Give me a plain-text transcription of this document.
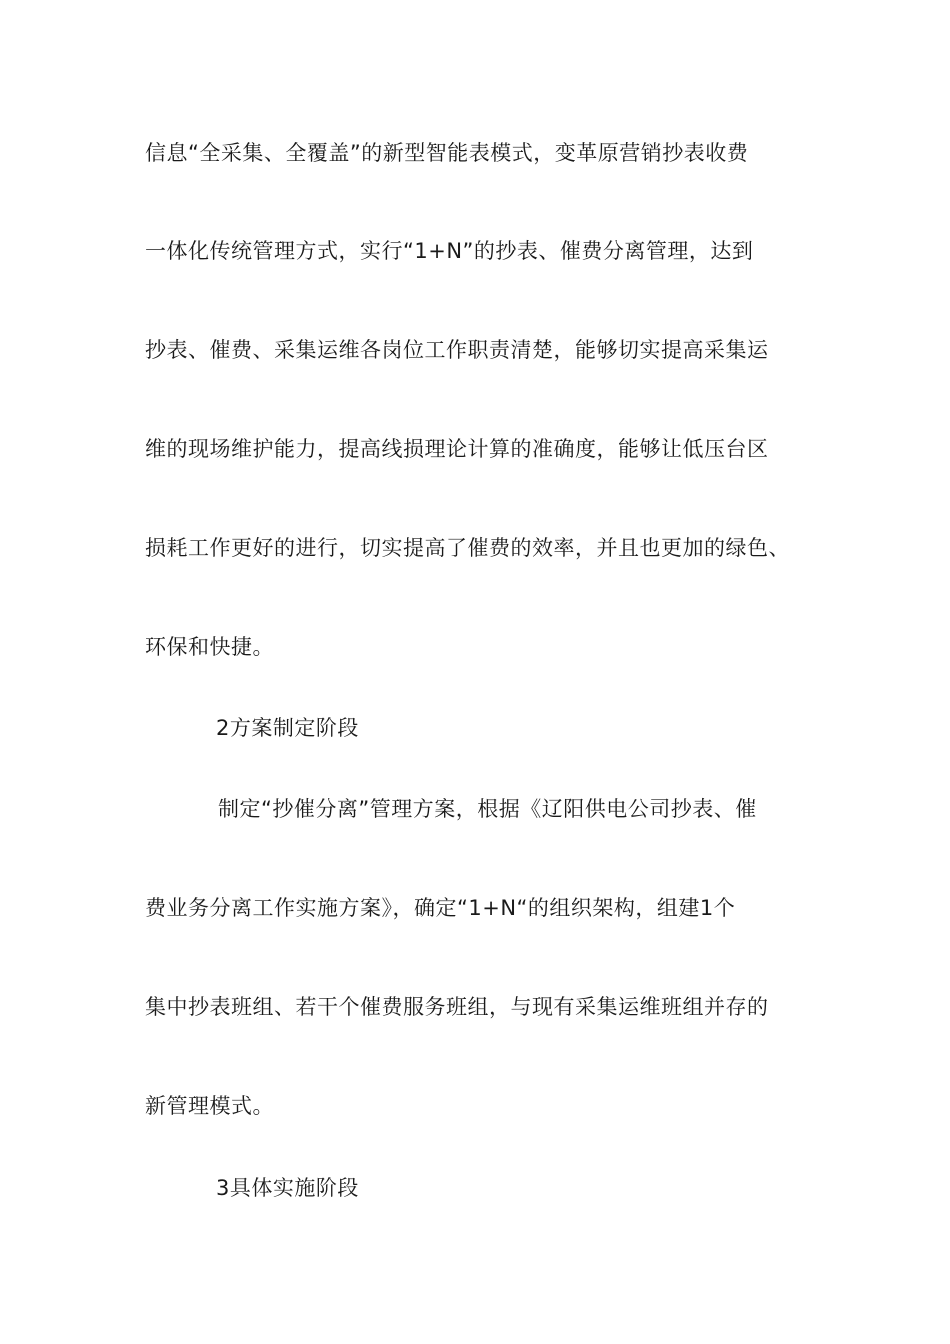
信息“全采集、全覆盖”的新型智能表模式，变革原营销抄表收费
一体化传统管理方式，实行“1+N”的抄表、催费分离管理，达到
抄表、催费、采集运维各岗位工作职责清楚，能够切实提高采集运
维的现场维护能力，提高线损理论计算的准确度，能够让低压台区
损耗工作更好的进行，切实提高了催费的效率，并且也更加的绿色、
环保和快捷。
2方案制定阶段
制定“抄催分离”管理方案，根据《辽阳供电公司抄表、催
费业务分离工作实施方案》，确定“1+N“的组织架构，组建1个
集中抄表班组、若干个催费服务班组，与现有采集运维班组并存的
新管理模式。
3具体实施阶段
